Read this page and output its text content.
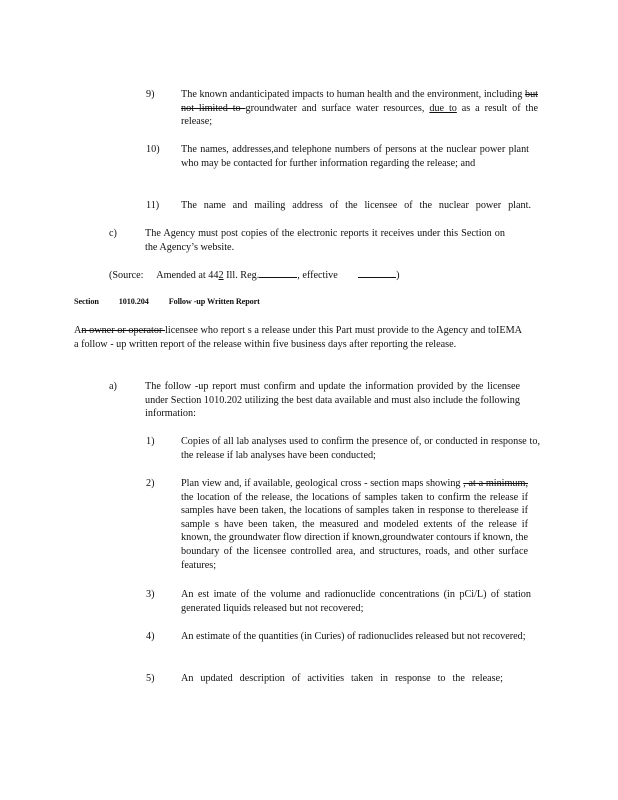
9)	The known andanticipated impacts to human health and the environment, including but not limited to groundwater and surface water resources, due to as a result of the release;
10) The names, addresses,and telephone numbers of persons at the nuclear power plant who may be contacted for further information regarding the release; and
11) The name and mailing address of the licensee of the nuclear power plant.
c)	The Agency must post copies of the electronic reports it receives under this Section on the Agency’s website.
(Source: Amended at 442 Ill. Reg.	, effective	)
Section 1010.204 Follow -up Written Report
An owner or operator licensee who report s a release under this Part must provide to the Agency and toIEMA a follow - up written report of the release within five business days after reporting the release.
a)	The follow -up report must confirm and update the information provided by the licensee under Section 1010.202 utilizing the best data available and must also include the following information:
1)	Copies of all lab analyses used to confirm the presence of, or conducted in response to, the release if lab analyses have been conducted;
2)	Plan view and, if available, geological cross - section maps showing , at a minimum, the location of the release, the locations of samples taken to confirm the release if samples have been taken, the locations of samples taken in response to therelease if sample s have been taken, the measured and modeled extents of the release if known, the groundwater flow direction if known,groundwater contours if known, the boundary of the licensee controlled area, and structures, roads, and other surface features;
3)	An est imate of the volume and radionuclide concentrations (in pCi/L) of station generated liquids released but not recovered;
4)	An estimate of the quantities (in Curies) of radionuclides released but not recovered;
5)	An updated description of activities taken in response to the release;
